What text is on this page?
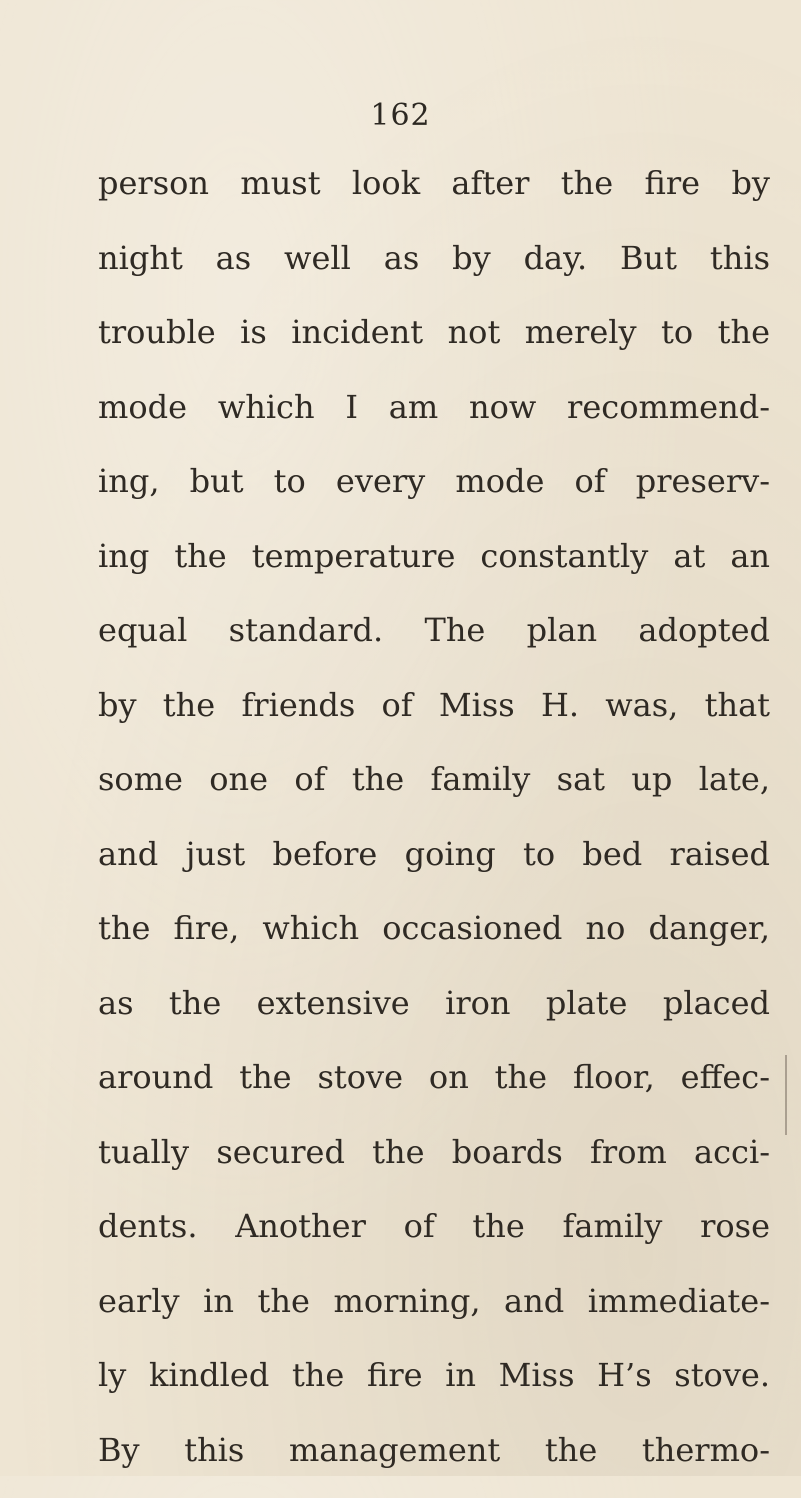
162
person must look after the fire by
night as well as by day. But this
trouble is incident not merely to the
mode which I am now recommend-
ing, but to every mode of preserv-
ing the temperature constantly at an
equal standard. The plan adopted
by the friends of Miss H. was, that
some one of the family sat up late,
and just before going to bed raised
the fire, which occasioned no danger,
as the extensive iron plate placed
around the stove on the floor, effec-
tually secured the boards from acci-
dents. Another of the family rose
early in the morning, and immediate-
ly kindled the fire in Miss H’s stove.
By this management the thermo-
